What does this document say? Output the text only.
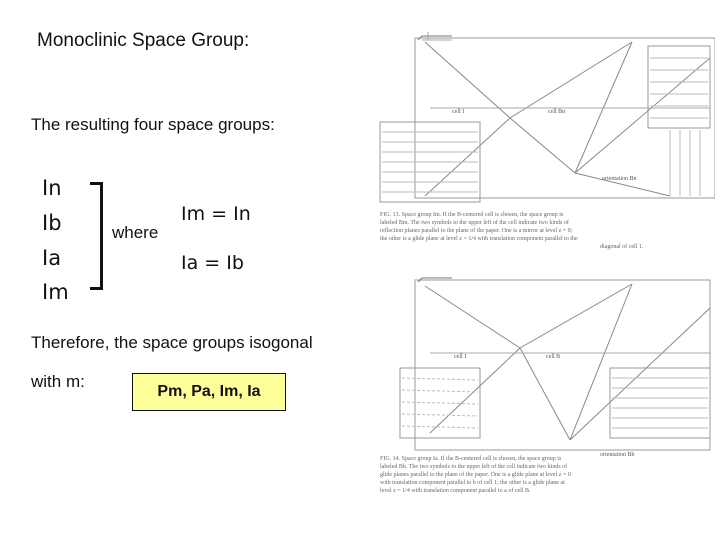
Monoclinic Space Group:
The resulting four space groups:
In
Ib
Ia
Im
where
Im = In
Ia = Ib
Therefore, the space groups isogonal
with m:
Pm, Pa, Im, Ia
cell 1	cell Bn
orientation Bn
FIG. 13. Space group Im. If the B-centered cell is chosen, the space group is
labeled Bm. The two symbols to the upper left of the cell indicate two kinds of
reflection planes parallel to the plane of the paper. One is a mirror at level z = 0;
the other is a glide plane at level z = 1/4 with translation component parallel to the
diagonal of cell 1.
cell 1	cell B
orientation Bb
FIG. 14. Space group Ia. If the B-centered cell is chosen, the space group is
labeled Bb. The two symbols to the upper left of the cell indicate two kinds of
glide planes parallel to the plane of the paper. One is a glide plane at level z = 0
with translation component parallel to b of cell 1; the other is a glide plane at
level z = 1/4 with translation component parallel to a of cell B.
